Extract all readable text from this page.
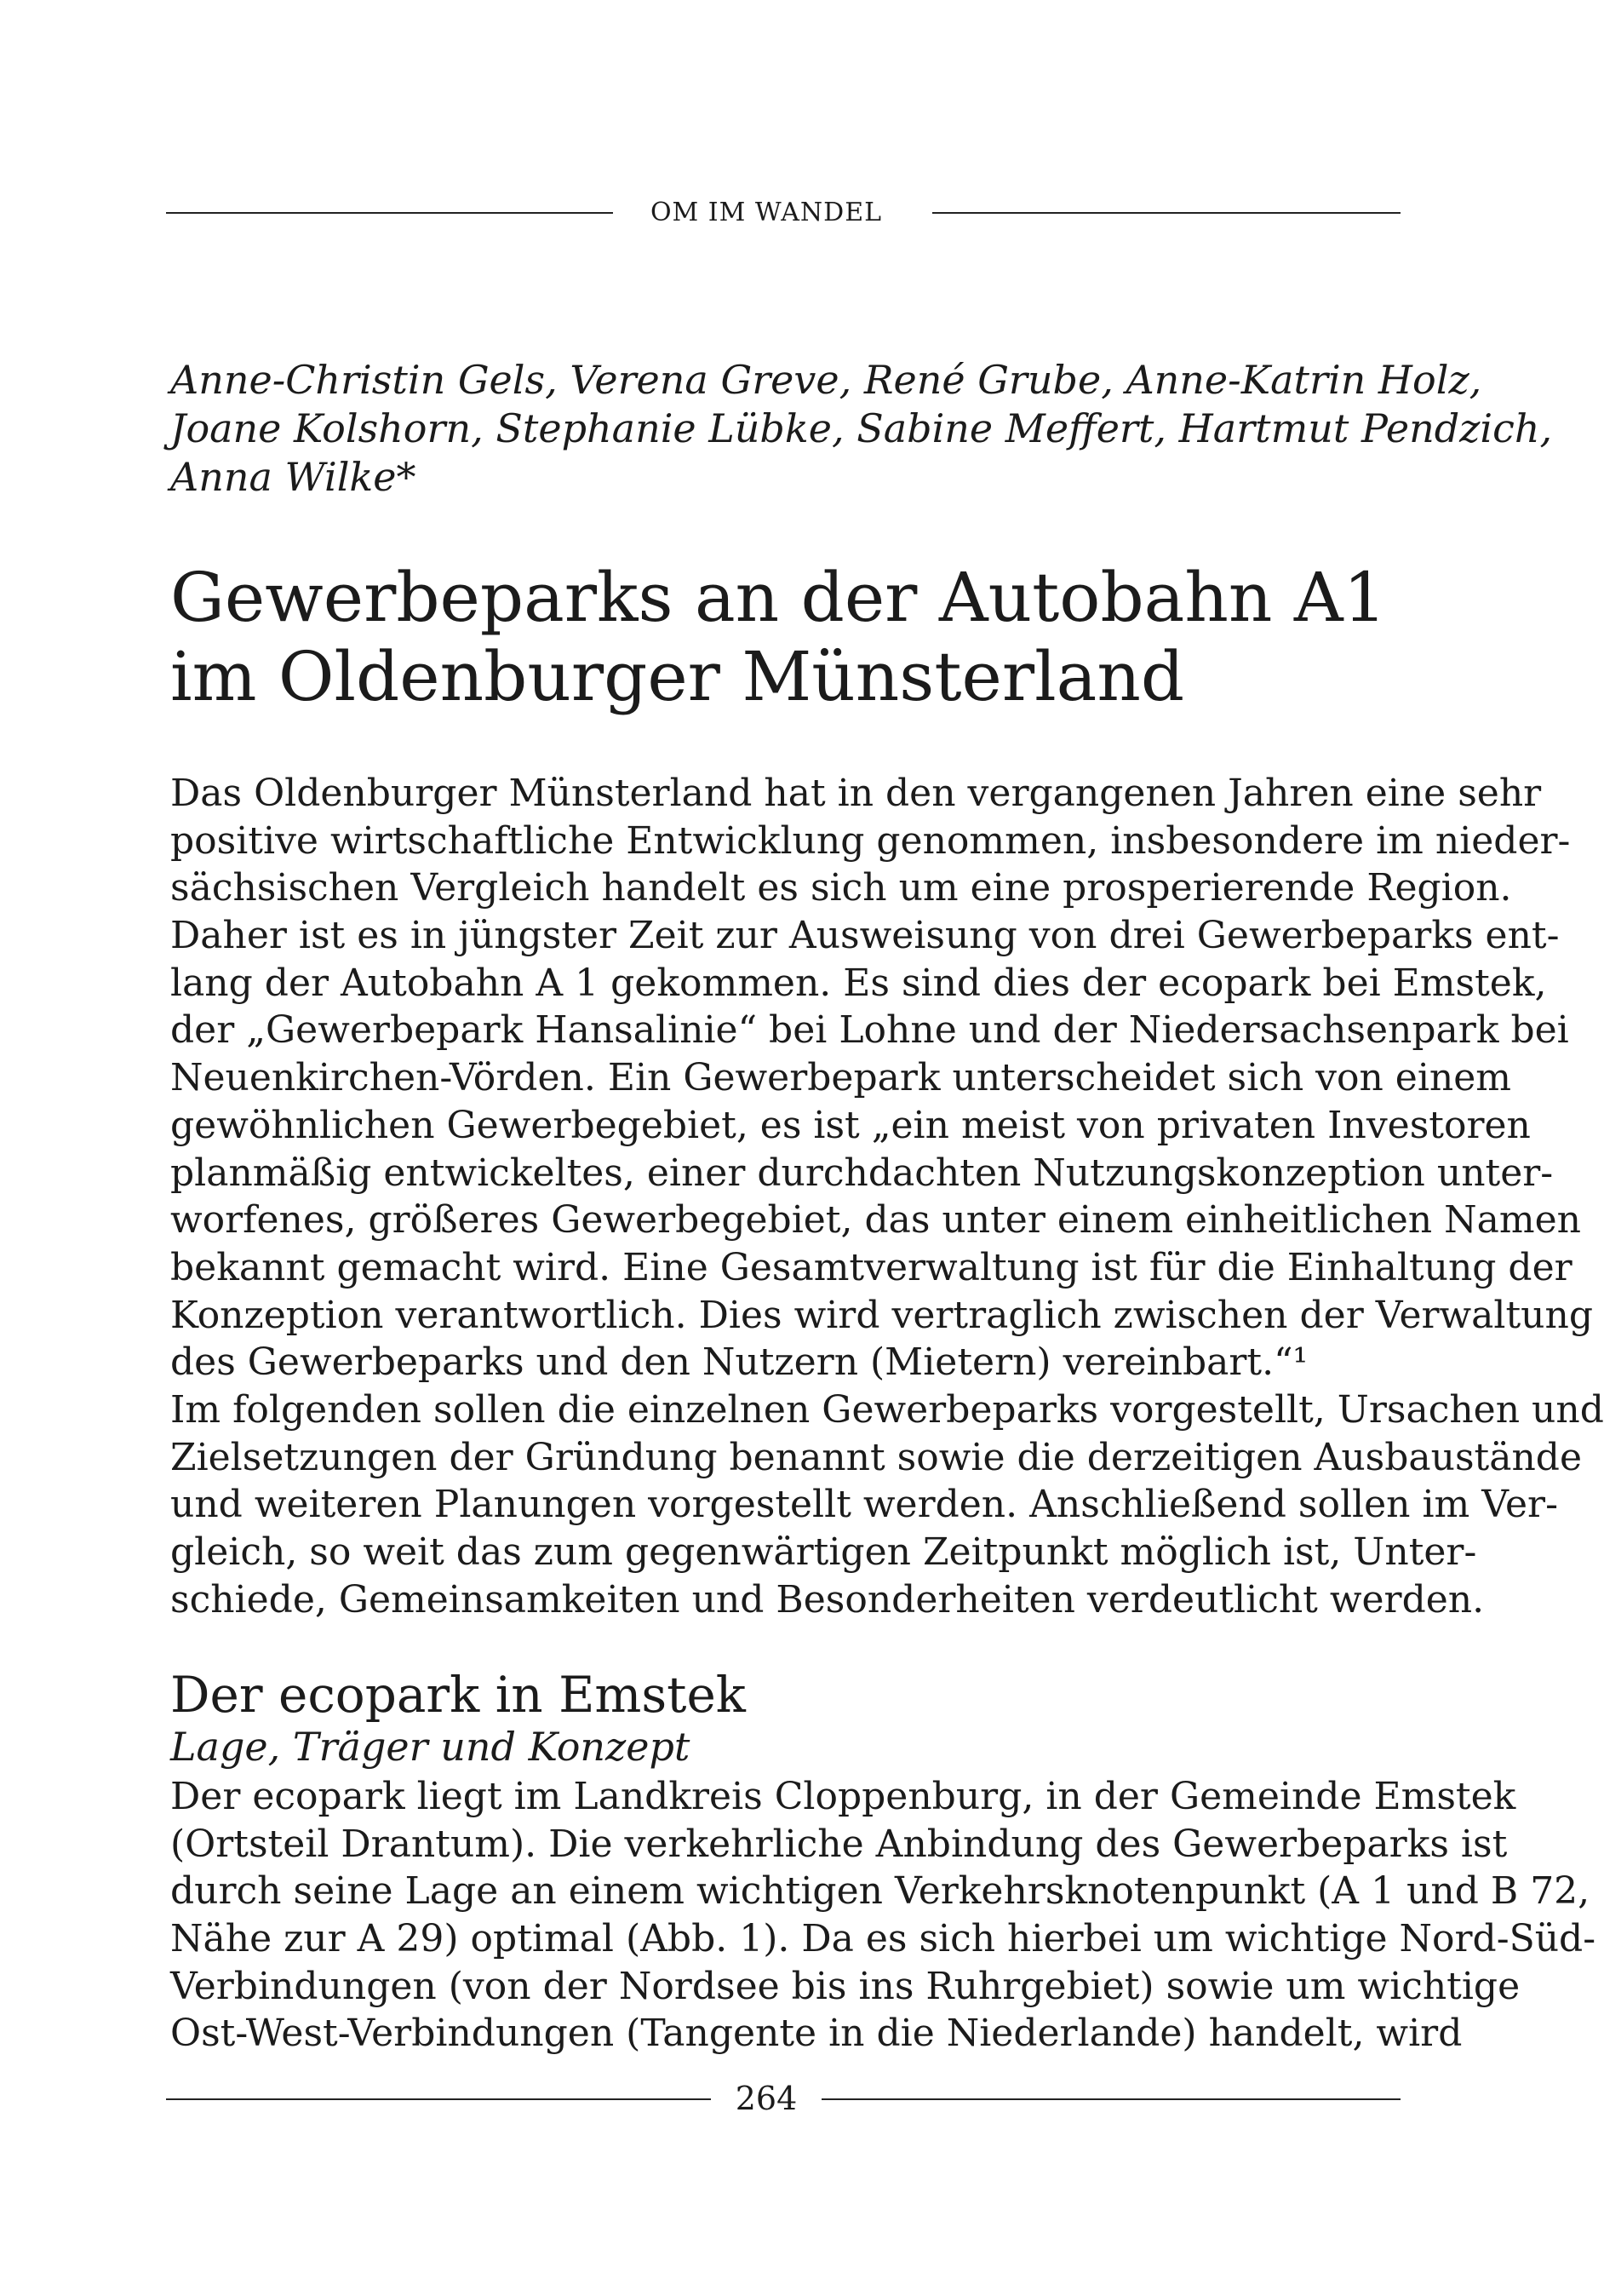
OM IM WANDEL
Anne-Christin Gels, Verena Greve, René Grube, Anne-Katrin Holz,
Joane Kolshorn, Stephanie Lübke, Sabine Meffert, Hartmut Pendzich,
Anna Wilke*
Gewerbeparks an der Autobahn A1
im Oldenburger Münsterland
Das Oldenburger Münsterland hat in den vergangenen Jahren eine sehr
positive wirtschaftliche Entwicklung genommen, insbesondere im nieder-
sächsischen Vergleich handelt es sich um eine prosperierende Region.
Daher ist es in jüngster Zeit zur Ausweisung von drei Gewerbeparks ent-
lang der Autobahn A 1 gekommen. Es sind dies der ecopark bei Emstek,
der „Gewerbepark Hansalinie“ bei Lohne und der Niedersachsenpark bei
Neuenkirchen-Vörden. Ein Gewerbepark unterscheidet sich von einem
gewöhnlichen Gewerbegebiet, es ist „ein meist von privaten Investoren
planmäßig entwickeltes, einer durchdachten Nutzungskonzeption unter-
worfenes, größeres Gewerbegebiet, das unter einem einheitlichen Namen
bekannt gemacht wird. Eine Gesamtverwaltung ist für die Einhaltung der
Konzeption verantwortlich. Dies wird vertraglich zwischen der Verwaltung
des Gewerbeparks und den Nutzern (Mietern) vereinbart.“¹
Im folgenden sollen die einzelnen Gewerbeparks vorgestellt, Ursachen und
Zielsetzungen der Gründung benannt sowie die derzeitigen Ausbaustände
und weiteren Planungen vorgestellt werden. Anschließend sollen im Ver-
gleich, so weit das zum gegenwärtigen Zeitpunkt möglich ist, Unter-
schiede, Gemeinsamkeiten und Besonderheiten verdeutlicht werden.
Der ecopark in Emstek
Lage, Träger und Konzept
Der ecopark liegt im Landkreis Cloppenburg, in der Gemeinde Emstek
(Ortsteil Drantum). Die verkehrliche Anbindung des Gewerbeparks ist
durch seine Lage an einem wichtigen Verkehrsknotenpunkt (A 1 und B 72,
Nähe zur A 29) optimal (Abb. 1). Da es sich hierbei um wichtige Nord-Süd-
Verbindungen (von der Nordsee bis ins Ruhrgebiet) sowie um wichtige
Ost-West-Verbindungen (Tangente in die Niederlande) handelt, wird
264
